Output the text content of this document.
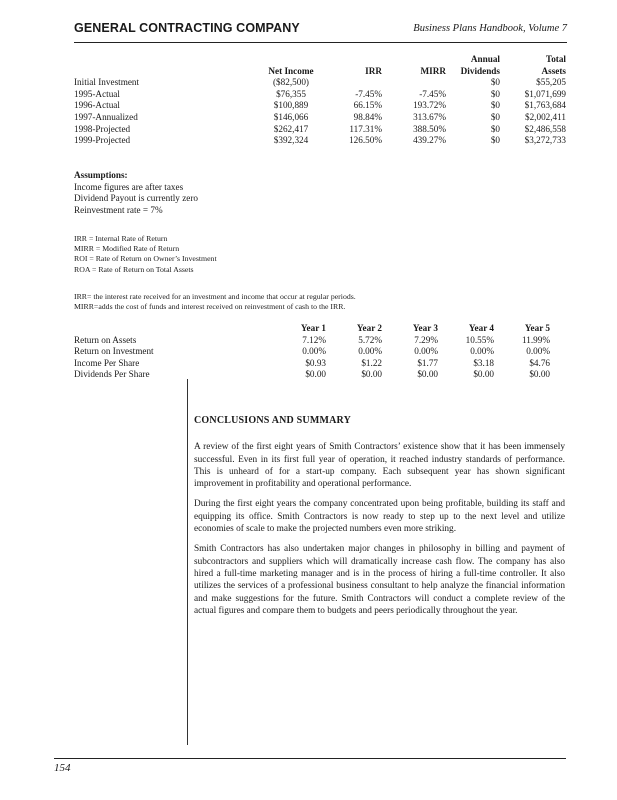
GENERAL CONTRACTING COMPANY	Business Plans Handbook, Volume 7
				Annual	Total
	Net Income	IRR	MIRR	Dividends	Assets
Initial Investment	($82,500)			$0	$55,205
1995-Actual	$76,355	-7.45%	-7.45%	$0	$1,071,699
1996-Actual	$100,889	66.15%	193.72%	$0	$1,763,684
1997-Annualized	$146,066	98.84%	313.67%	$0	$2,002,411
1998-Projected	$262,417	117.31%	388.50%	$0	$2,486,558
1999-Projected	$392,324	126.50%	439.27%	$0	$3,272,733
Assumptions:
Income figures are after taxes
Dividend Payout is currently zero
Reinvestment rate = 7%
IRR = Internal Rate of Return
MIRR = Modified Rate of Return
ROI = Rate of Return on Owner’s Investment
ROA = Rate of Return on Total Assets
IRR= the interest rate received for an investment and income that occur at regular periods.
MIRR=adds the cost of funds and interest received on reinvestment of cash to the IRR.
	Year 1	Year 2	Year 3	Year 4	Year 5
Return on Assets	7.12%	5.72%	7.29%	10.55%	11.99%
Return on Investment	0.00%	0.00%	0.00%	0.00%	0.00%
Income Per Share	$0.93	$1.22	$1.77	$3.18	$4.76
Dividends Per Share	$0.00	$0.00	$0.00	$0.00	$0.00
CONCLUSIONS AND SUMMARY

A review of the first eight years of Smith Contractors’ existence show that it has been immensely successful. Even in its first full year of operation, it reached industry standards of performance. This is unheard of for a start-up company. Each subsequent year has shown significant improvement in profitability and operational performance.

During the first eight years the company concentrated upon being profitable, building its staff and equipping its office. Smith Contractors is now ready to step up to the next level and utilize economies of scale to make the projected numbers even more striking.

Smith Contractors has also undertaken major changes in philosophy in billing and payment of subcontractors and suppliers which will dramatically increase cash flow. The company has also hired a full-time marketing manager and is in the process of hiring a full-time controller. It also utilizes the services of a professional business consultant to help analyze the financial information and make suggestions for the future. Smith Contractors will conduct a complete review of the actual figures and compare them to budgets and peers periodically throughout the year.

154
